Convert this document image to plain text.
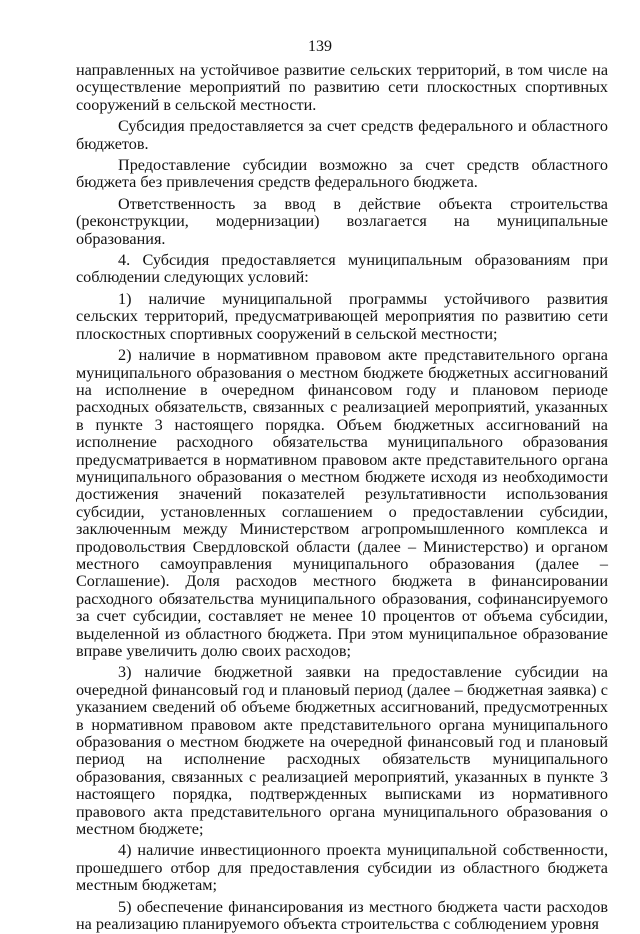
139

направленных на устойчивое развитие сельских территорий, в том числе на осуществление мероприятий по развитию сети плоскостных спортивных сооружений в сельской местности.

Субсидия предоставляется за счет средств федерального и областного бюджетов.

Предоставление субсидии возможно за счет средств областного бюджета без привлечения средств федерального бюджета.

Ответственность за ввод в действие объекта строительства (реконструкции, модернизации) возлагается на муниципальные образования.

4. Субсидия предоставляется муниципальным образованиям при соблюдении следующих условий:

1) наличие муниципальной программы устойчивого развития сельских территорий, предусматривающей мероприятия по развитию сети плоскостных спортивных сооружений в сельской местности;

2) наличие в нормативном правовом акте представительного органа муниципального образования о местном бюджете бюджетных ассигнований на исполнение в очередном финансовом году и плановом периоде расходных обязательств, связанных с реализацией мероприятий, указанных в пункте 3 настоящего порядка. Объем бюджетных ассигнований на исполнение расходного обязательства муниципального образования предусматривается в нормативном правовом акте представительного органа муниципального образования о местном бюджете исходя из необходимости достижения значений показателей результативности использования субсидии, установленных соглашением о предоставлении субсидии, заключенным между Министерством агропромышленного комплекса и продовольствия Свердловской области (далее – Министерство) и органом местного самоуправления муниципального образования (далее – Соглашение). Доля расходов местного бюджета в финансировании расходного обязательства муниципального образования, софинансируемого за счет субсидии, составляет не менее 10 процентов от объема субсидии, выделенной из областного бюджета. При этом муниципальное образование вправе увеличить долю своих расходов;

3) наличие бюджетной заявки на предоставление субсидии на очередной финансовый год и плановый период (далее – бюджетная заявка) с указанием сведений об объеме бюджетных ассигнований, предусмотренных в нормативном правовом акте представительного органа муниципального образования о местном бюджете на очередной финансовый год и плановый период на исполнение расходных обязательств муниципального образования, связанных с реализацией мероприятий, указанных в пункте 3 настоящего порядка, подтвержденных выписками из нормативного правового акта представительного органа муниципального образования о местном бюджете;

4) наличие инвестиционного проекта муниципальной собственности, прошедшего отбор для предоставления субсидии из областного бюджета местным бюджетам;

5) обеспечение финансирования из местного бюджета части расходов на реализацию планируемого объекта строительства с соблюдением уровня
